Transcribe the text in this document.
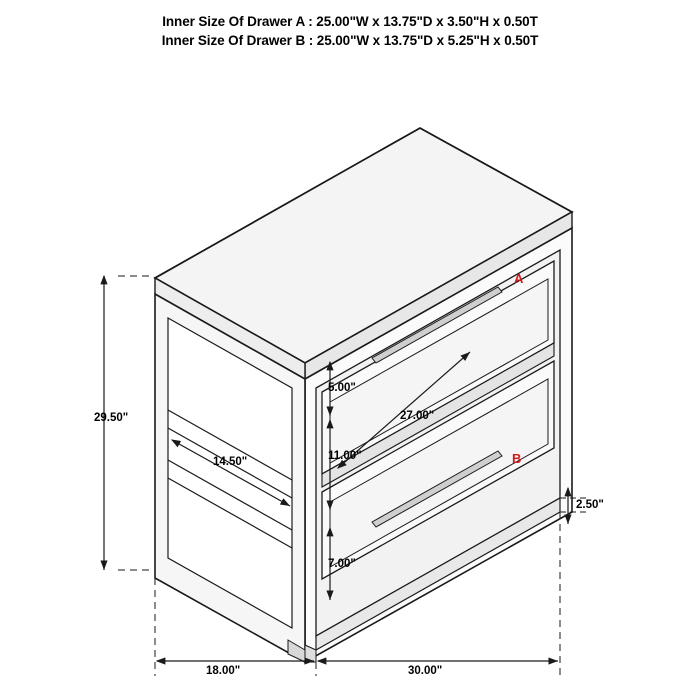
Inner Size Of Drawer A : 25.00"W x 13.75"D x 3.50"H x 0.50T
Inner Size Of Drawer B : 25.00"W x 13.75"D x 5.25"H x 0.50T
29.50"
14.50"
5.00"
11.00"
7.00"
27.00"
2.50"
18.00"	30.00"
A
B
